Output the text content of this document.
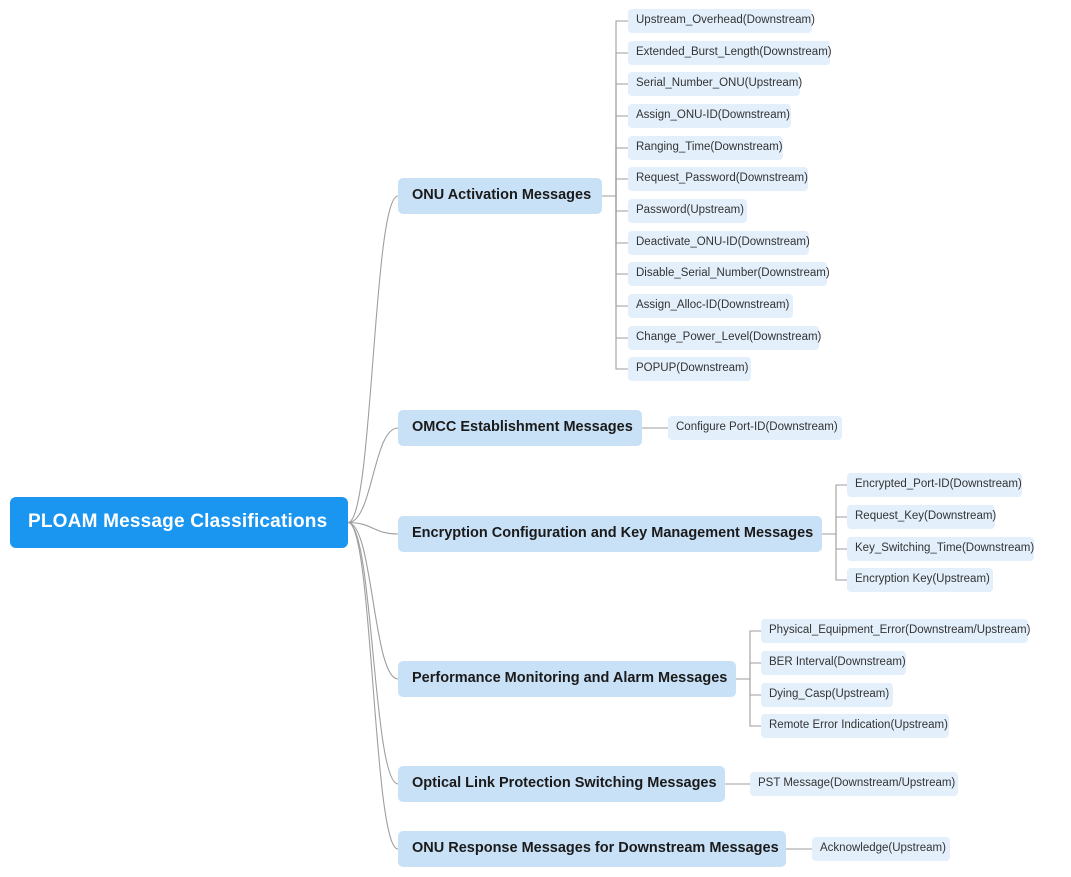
PLOAM Message Classifications
ONU Activation Messages
Upstream_Overhead(Downstream)
Extended_Burst_Length(Downstream)
Serial_Number_ONU(Upstream)
Assign_ONU-ID(Downstream)
Ranging_Time(Downstream)
Request_Password(Downstream)
Password(Upstream)
Deactivate_ONU-ID(Downstream)
Disable_Serial_Number(Downstream)
Assign_Alloc-ID(Downstream)
Change_Power_Level(Downstream)
POPUP(Downstream)
OMCC Establishment Messages	Configure Port-ID(Downstream)
Encryption Configuration and Key Management Messages
Encrypted_Port-ID(Downstream)
Request_Key(Downstream)
Key_Switching_Time(Downstream)
Encryption Key(Upstream)
Performance Monitoring and Alarm Messages
Physical_Equipment_Error(Downstream/Upstream)
BER Interval(Downstream)
Dying_Casp(Upstream)
Remote Error Indication(Upstream)
Optical Link Protection Switching Messages	PST Message(Downstream/Upstream)
ONU Response Messages for Downstream Messages	Acknowledge(Upstream)
